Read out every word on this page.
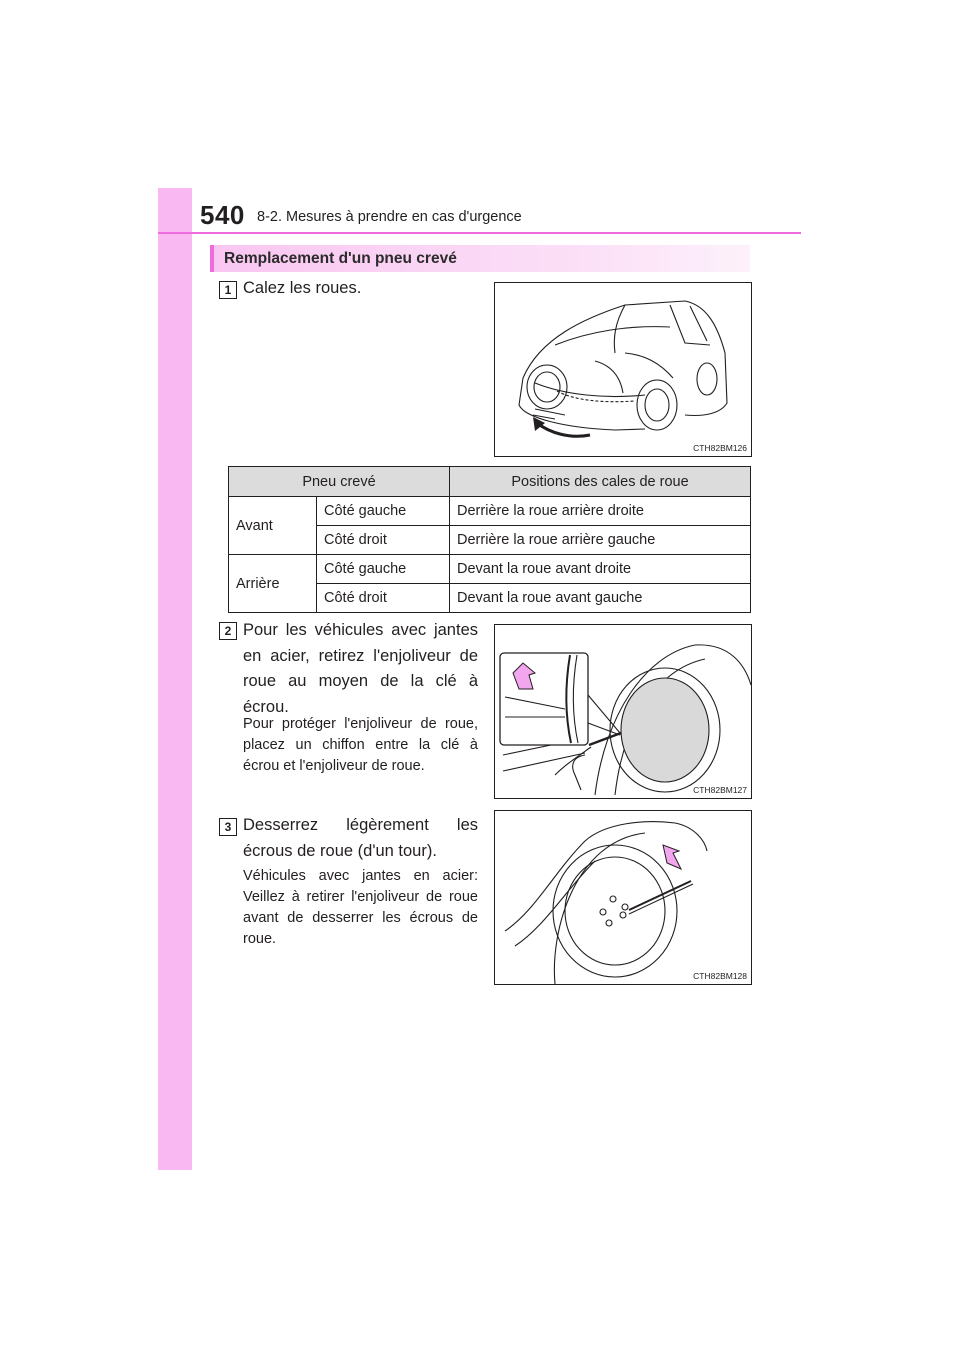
540 8-2. Mesures à prendre en cas d'urgence
Remplacement d'un pneu crevé
1 Calez les roues.
CTH82BM126
Pneu crevé		Positions des cales de roue
Avant	Côté gauche	Derrière la roue arrière droite
	Côté droit	Derrière la roue arrière gauche
Arrière	Côté gauche	Devant la roue avant droite
	Côté droit	Devant la roue avant gauche
2 Pour les véhicules avec jantes en acier, retirez l'enjoliveur de roue au moyen de la clé à écrou.
Pour protéger l'enjoliveur de roue, placez un chiffon entre la clé à écrou et l'enjoliveur de roue.
CTH82BM127
3 Desserrez légèrement les écrous de roue (d'un tour).
Véhicules avec jantes en acier: Veillez à retirer l'enjoliveur de roue avant de desserrer les écrous de roue.
CTH82BM128
